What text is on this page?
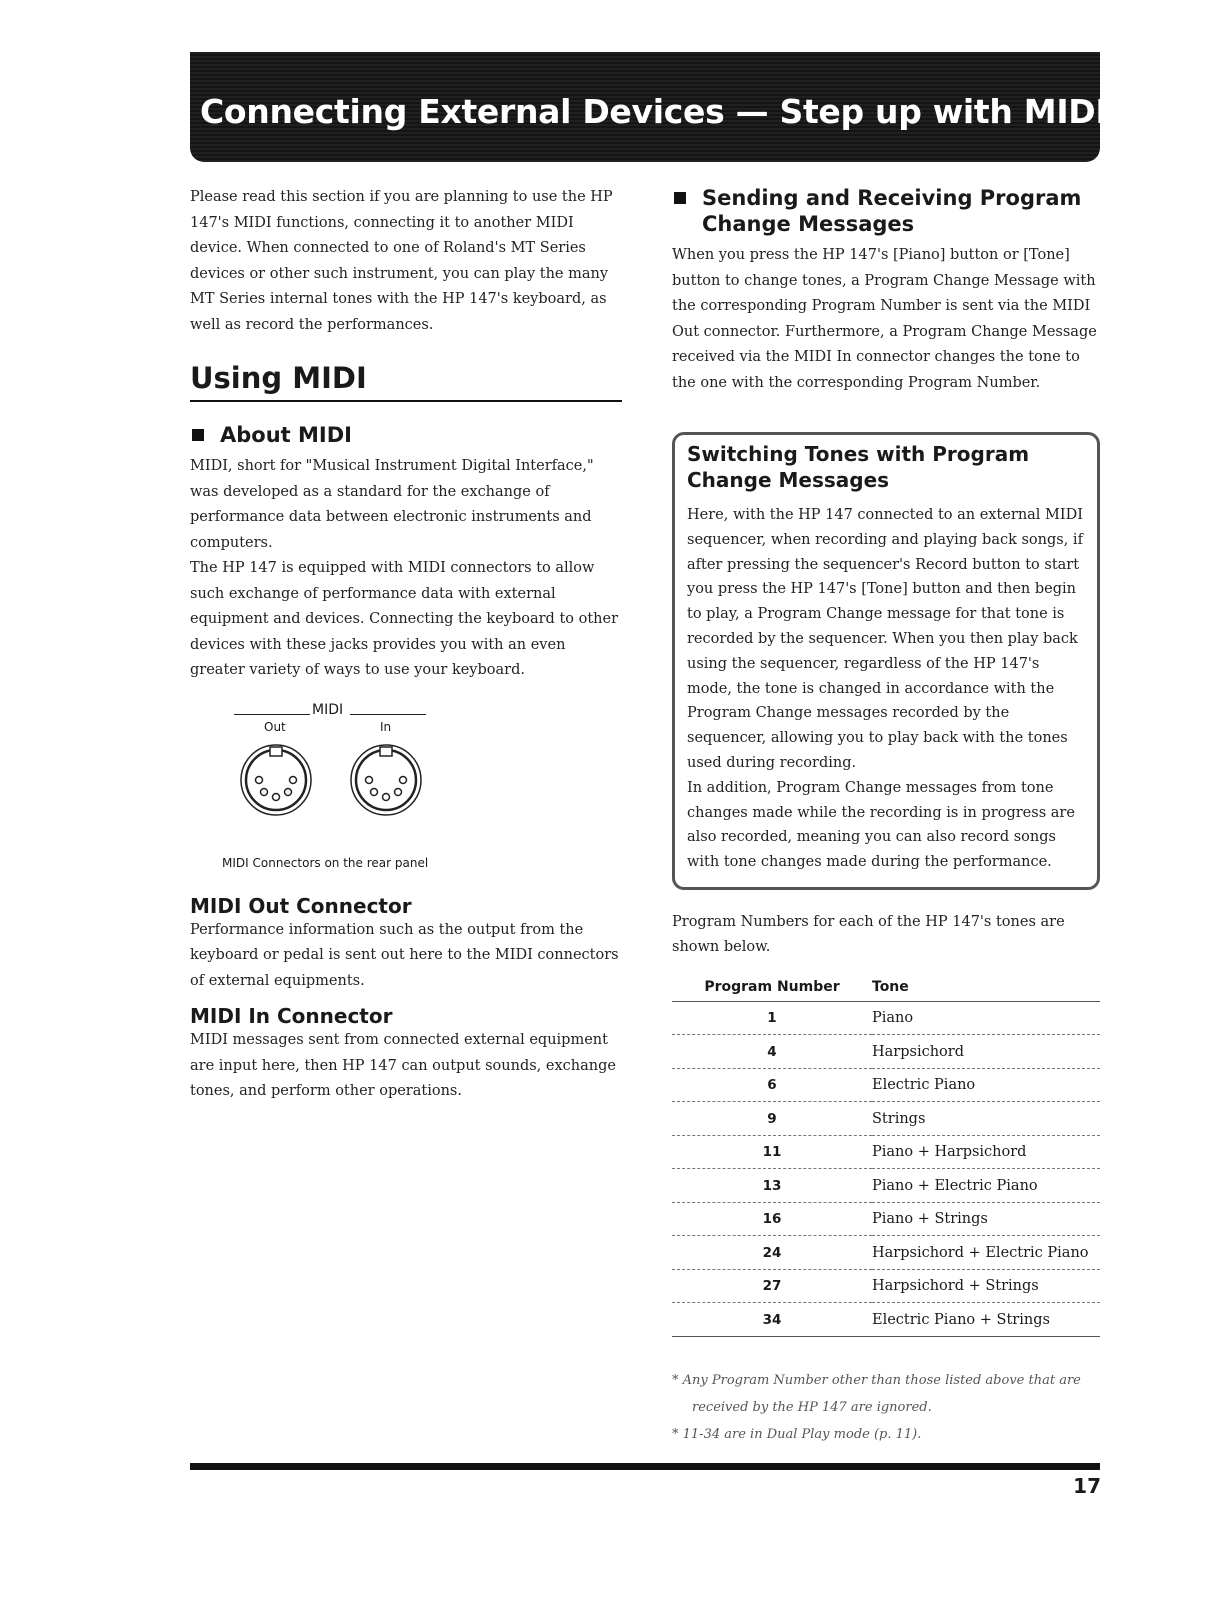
Connecting External Devices — Step up with MIDI

Please read this section if you are planning to use the HP 147's MIDI functions, connecting it to another MIDI device. When connected to one of Roland's MT Series devices or other such instrument, you can play the many MT Series internal tones with the HP 147's keyboard, as well as record the performances.

Using MIDI
About MIDI

MIDI, short for "Musical Instrument Digital Interface," was developed as a standard for the exchange of performance data between electronic instruments and computers.

The HP 147 is equipped with MIDI connectors to allow such exchange of performance data with external equipment and devices. Connecting the keyboard to other devices with these jacks provides you with an even greater variety of ways to use your keyboard.

MIDI
Out	In

MIDI Connectors on the rear panel

MIDI Out Connector

Performance information such as the output from the keyboard or pedal is sent out here to the MIDI connectors of external equipments.

MIDI In Connector

MIDI messages sent from connected external equipment are input here, then HP 147 can output sounds, exchange tones, and perform other operations.

Sending and Receiving Program Change Messages

When you press the HP 147's [Piano] button or [Tone] button to change tones, a Program Change Message with the corresponding Program Number is sent via the MIDI Out connector. Furthermore, a Program Change Message received via the MIDI In connector changes the tone to the one with the corresponding Program Number.

Switching Tones with Program Change Messages

Here, with the HP 147 connected to an external MIDI sequencer, when recording and playing back songs, if after pressing the sequencer's Record button to start you press the HP 147's [Tone] button and then begin to play, a Program Change message for that tone is recorded by the sequencer. When you then play back using the sequencer, regardless of the HP 147's mode, the tone is changed in accordance with the Program Change messages recorded by the sequencer, allowing you to play back with the tones used during recording.

In addition, Program Change messages from tone changes made while the recording is in progress are also recorded, meaning you can also record songs with tone changes made during the performance.

Program Numbers for each of the HP 147's tones are shown below.

Program Number	Tone
1	Piano
4	Harpsichord
6	Electric Piano
9	Strings
11	Piano + Harpsichord
13	Piano + Electric Piano
16	Piano + Strings
24	Harpsichord + Electric Piano
27	Harpsichord + Strings
34	Electric Piano + Strings

* Any Program Number other than those listed above that are received by the HP 147 are ignored.

* 11-34 are in Dual Play mode (p. 11).

17
